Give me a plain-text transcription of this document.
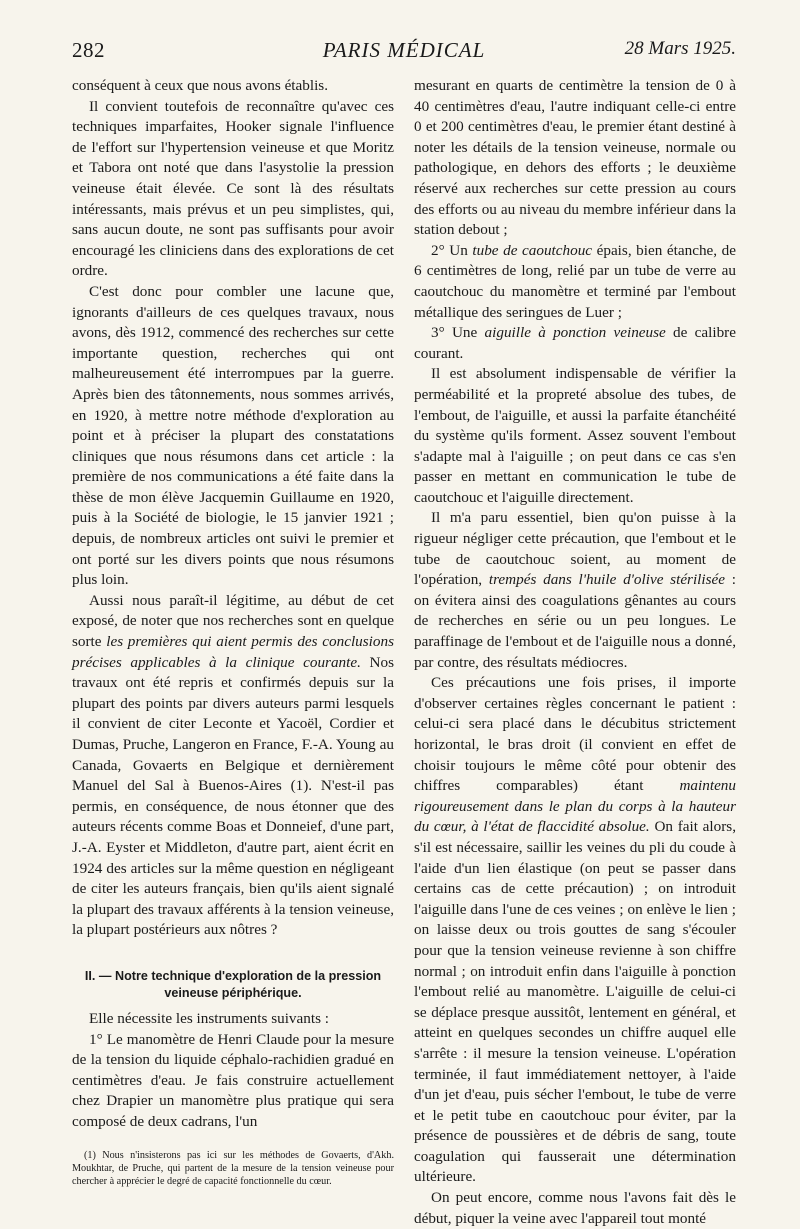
282	PARIS MÉDICAL	28 Mars 1925.

conséquent à ceux que nous avons établis.

Il convient toutefois de reconnaître qu'avec ces techniques imparfaites, Hooker signale l'influence de l'effort sur l'hypertension veineuse et que Moritz et Tabora ont noté que dans l'asystolie la pression veineuse était élevée. Ce sont là des résultats intéressants, mais prévus et un peu simplistes, qui, sans aucun doute, ne sont pas suffisants pour avoir encouragé les cliniciens dans des explorations de cet ordre.

C'est donc pour combler une lacune que, ignorants d'ailleurs de ces quelques travaux, nous avons, dès 1912, commencé des recherches sur cette importante question, recherches qui ont malheureusement été interrompues par la guerre. Après bien des tâtonnements, nous sommes arrivés, en 1920, à mettre notre méthode d'exploration au point et à préciser la plupart des constatations cliniques que nous résumons dans cet article : la première de nos communications a été faite dans la thèse de mon élève Jacquemin Guillaume en 1920, puis à la Société de biologie, le 15 janvier 1921 ; depuis, de nombreux articles ont suivi le premier et ont porté sur les divers points que nous résumons plus loin.

Aussi nous paraît-il légitime, au début de cet exposé, de noter que nos recherches sont en quelque sorte les premières qui aient permis des conclusions précises applicables à la clinique courante. Nos travaux ont été repris et confirmés depuis sur la plupart des points par divers auteurs parmi lesquels il convient de citer Leconte et Yacoël, Cordier et Dumas, Pruche, Langeron en France, F.-A. Young au Canada, Govaerts en Belgique et dernièrement Manuel del Sal à Buenos-Aires (1). N'est-il pas permis, en conséquence, de nous étonner que des auteurs récents comme Boas et Donneief, d'une part, J.-A. Eyster et Middleton, d'autre part, aient écrit en 1924 des articles sur la même question en négligeant de citer les auteurs français, bien qu'ils aient signalé la plupart des travaux afférents à la tension veineuse, la plupart postérieurs aux nôtres ?

II. — Notre technique d'exploration de la pression veineuse périphérique.

Elle nécessite les instruments suivants :

1° Le manomètre de Henri Claude pour la mesure de la tension du liquide céphalo-rachidien gradué en centimètres d'eau. Je fais construire actuellement chez Drapier un manomètre plus pratique qui sera composé de deux cadrans, l'un

(1) Nous n'insisterons pas ici sur les méthodes de Govaerts, d'Akh. Moukhtar, de Pruche, qui partent de la mesure de la tension veineuse pour chercher à apprécier le degré de capacité fonctionnelle du cœur.

mesurant en quarts de centimètre la tension de 0 à 40 centimètres d'eau, l'autre indiquant celle-ci entre 0 et 200 centimètres d'eau, le premier étant destiné à noter les détails de la tension veineuse, normale ou pathologique, en dehors des efforts ; le deuxième réservé aux recherches sur cette pression au cours des efforts ou au niveau du membre inférieur dans la station debout ;

2° Un tube de caoutchouc épais, bien étanche, de 6 centimètres de long, relié par un tube de verre au caoutchouc du manomètre et terminé par l'embout métallique des seringues de Luer ;

3° Une aiguille à ponction veineuse de calibre courant.

Il est absolument indispensable de vérifier la perméabilité et la propreté absolue des tubes, de l'embout, de l'aiguille, et aussi la parfaite étanchéité du système qu'ils forment. Assez souvent l'embout s'adapte mal à l'aiguille ; on peut dans ce cas s'en passer en mettant en communication le tube de caoutchouc et l'aiguille directement.

Il m'a paru essentiel, bien qu'on puisse à la rigueur négliger cette précaution, que l'embout et le tube de caoutchouc soient, au moment de l'opération, trempés dans l'huile d'olive stérilisée : on évitera ainsi des coagulations gênantes au cours de recherches en série ou un peu longues. Le paraffinage de l'embout et de l'aiguille nous a donné, par contre, des résultats médiocres.

Ces précautions une fois prises, il importe d'observer certaines règles concernant le patient : celui-ci sera placé dans le décubitus strictement horizontal, le bras droit (il convient en effet de choisir toujours le même côté pour obtenir des chiffres comparables) étant maintenu rigoureusement dans le plan du corps à la hauteur du cœur, à l'état de flaccidité absolue. On fait alors, s'il est nécessaire, saillir les veines du pli du coude à l'aide d'un lien élastique (on peut se passer dans certains cas de cette précaution) ; on introduit l'aiguille dans l'une de ces veines ; on enlève le lien ; on laisse deux ou trois gouttes de sang s'écouler pour que la tension veineuse revienne à son chiffre normal ; on introduit enfin dans l'aiguille à ponction l'embout relié au manomètre. L'aiguille de celui-ci se déplace presque aussitôt, lentement en général, et atteint en quelques secondes un chiffre auquel elle s'arrête : il mesure la tension veineuse. L'opération terminée, il faut immédiatement nettoyer, à l'aide d'un jet d'eau, puis sécher l'embout, le tube de verre et le petit tube en caoutchouc pour éviter, par la présence de poussières et de débris de sang, toute coagulation qui fausserait une détermination ultérieure.

On peut encore, comme nous l'avons fait dès le début, piquer la veine avec l'appareil tout monté
